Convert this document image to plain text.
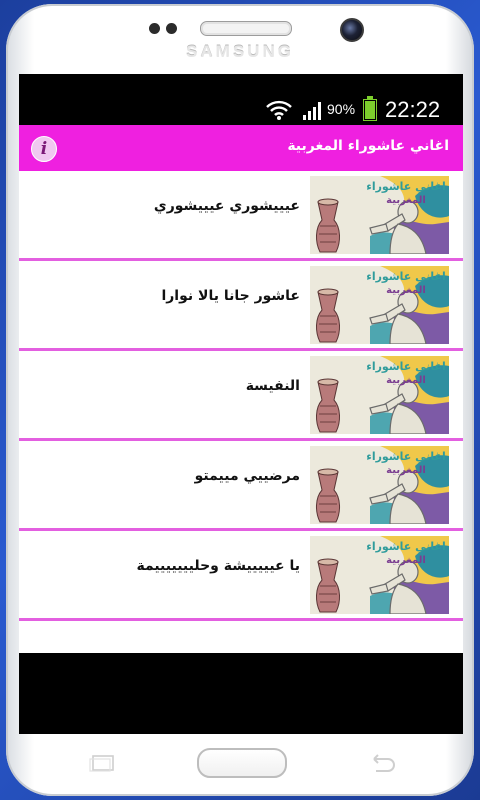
SAMSUNG
90% 22:22
i	اغاني عاشوراء المغربية
اغاني عاشوراء
المغربية
عيييشوري عيييشوري
اغاني عاشوراء
المغربية
عاشور جانا يالا نوارا
اغاني عاشوراء
المغربية
النفيسة
اغاني عاشوراء
المغربية
مرضييي مييمتو
اغاني عاشوراء
المغربية
يا عيييييشة وحليييييييمة
